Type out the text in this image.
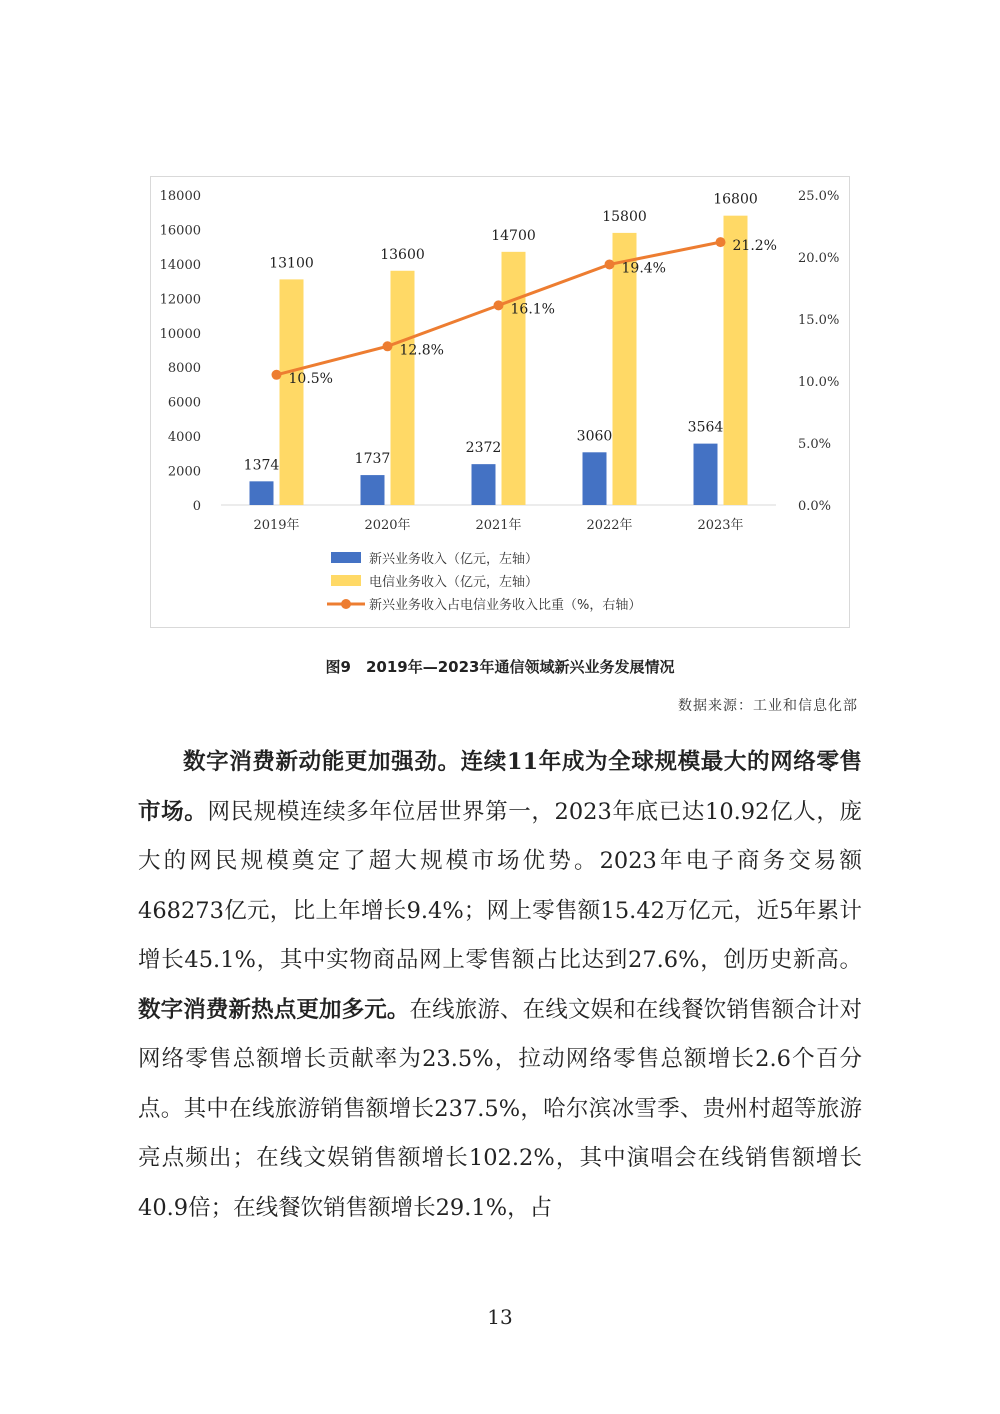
0
2000
4000
6000
8000
10000
12000
14000
16000
18000
0.0%
5.0%
10.0%
15.0%
20.0%
25.0%
1374	1737
2372
3060
3564
13100
13600
14700
15800
16800
10.5%
12.8%
16.1%
19.4%
21.2%
2019年	2020年	2021年	2022年	2023年
新兴业务收入（亿元，左轴）
电信业务收入（亿元，左轴）
新兴业务收入占电信业务收入比重（%，右轴）
图9　2019年—2023年通信领域新兴业务发展情况
数据来源：工业和信息化部

数字消费新动能更加强劲。连续11年成为全球规模最大的网络零售市场。网民规模连续多年位居世界第一，2023年底已达10.92亿人，庞大的网民规模奠定了超大规模市场优势。2023年电子商务交易额468273亿元，比上年增长9.4%；网上零售额15.42万亿元，近5年累计增长45.1%，其中实物商品网上零售额占比达到27.6%，创历史新高。数字消费新热点更加多元。在线旅游、在线文娱和在线餐饮销售额合计对网络零售总额增长贡献率为23.5%，拉动网络零售总额增长2.6个百分点。其中在线旅游销售额增长237.5%，哈尔滨冰雪季、贵州村超等旅游亮点频出；在线文娱销售额增长102.2%，其中演唱会在线销售额增长40.9倍；在线餐饮销售额增长29.1%，占

13
